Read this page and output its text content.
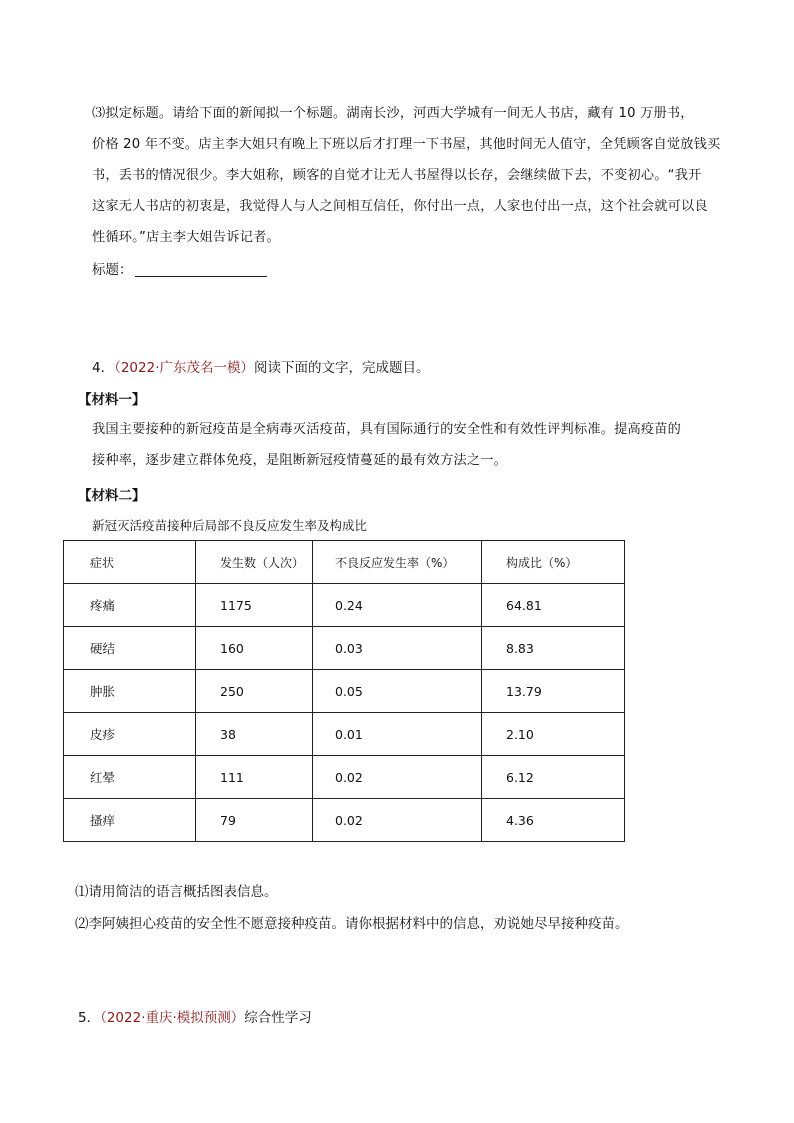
⑶拟定标题。请给下面的新闻拟一个标题。湖南长沙，河西大学城有一间无人书店，藏有 10 万册书，
价格 20 年不变。店主李大姐只有晚上下班以后才打理一下书屋，其他时间无人值守，全凭顾客自觉放钱买
书，丢书的情况很少。李大姐称，顾客的自觉才让无人书屋得以长存，会继续做下去，不变初心。“我开
这家无人书店的初衷是，我觉得人与人之间相互信任，你付出一点，人家也付出一点，这个社会就可以良
性循环。”店主李大姐告诉记者。
标题：
4．（2022·广东茂名一模）阅读下面的文字，完成题目。
【材料一】
我国主要接种的新冠疫苗是全病毒灭活疫苗，具有国际通行的安全性和有效性评判标准。提高疫苗的
接种率，逐步建立群体免疫，是阻断新冠疫情蔓延的最有效方法之一。
【材料二】
新冠灭活疫苗接种后局部不良反应发生率及构成比
症状	发生数（人次）	不良反应发生率（%）	构成比（%）
疼痛	1175	0.24	64.81
硬结	160	0.03	8.83
肿胀	250	0.05	13.79
皮疹	38	0.01	2.10
红晕	111	0.02	6.12
搔痒	79	0.02	4.36
⑴请用简洁的语言概括图表信息。
⑵李阿姨担心疫苗的安全性不愿意接种疫苗。请你根据材料中的信息，劝说她尽早接种疫苗。
5．（2022·重庆·模拟预测）综合性学习
